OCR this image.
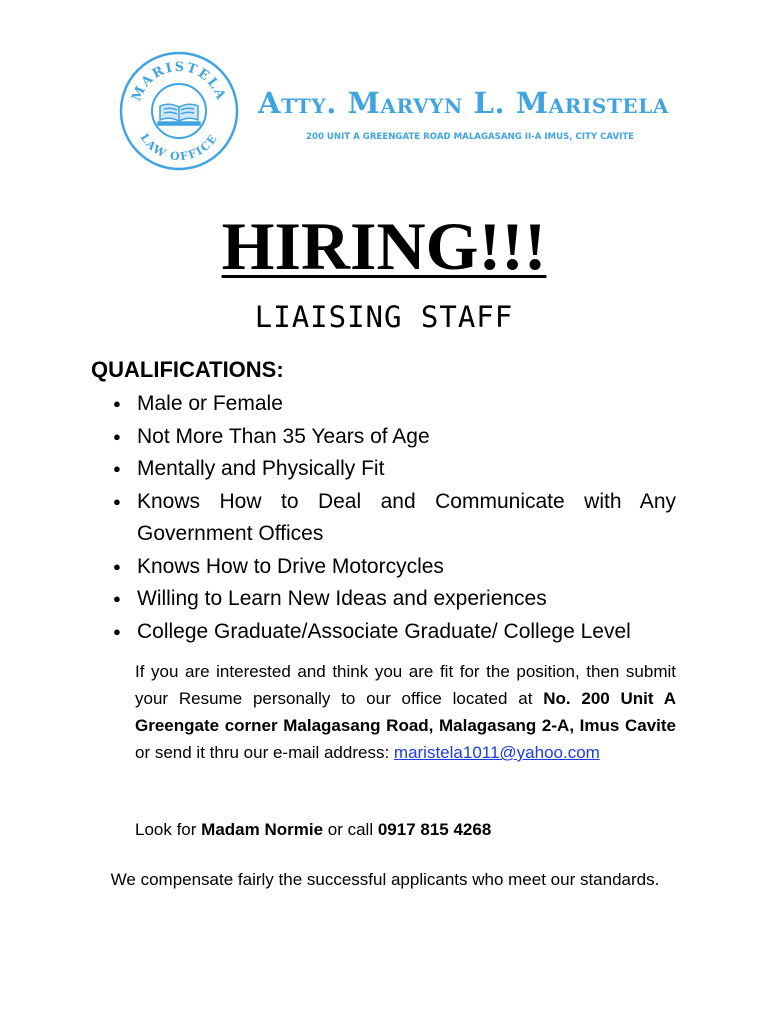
MARISTELA
LAW OFFICE
Atty. Marvyn L. Maristela
200 UNIT A GREENGATE ROAD MALAGASANG II-A IMUS, CITY CAVITE
HIRING!!!
LIAISING STAFF
QUALIFICATIONS:
● Male or Female
● Not More Than 35 Years of Age
● Mentally and Physically Fit
● Knows How to Deal and Communicate with Any Government Offices
● Knows How to Drive Motorcycles
● Willing to Learn New Ideas and experiences
● College Graduate/Associate Graduate/ College Level

If you are interested and think you are fit for the position, then submit your Resume personally to our office located at No. 200 Unit A Greengate corner Malagasang Road, Malagasang 2-A, Imus Cavite or send it thru our e-mail address: maristela1011@yahoo.com

Look for Madam Normie or call 0917 815 4268

We compensate fairly the successful applicants who meet our standards.
